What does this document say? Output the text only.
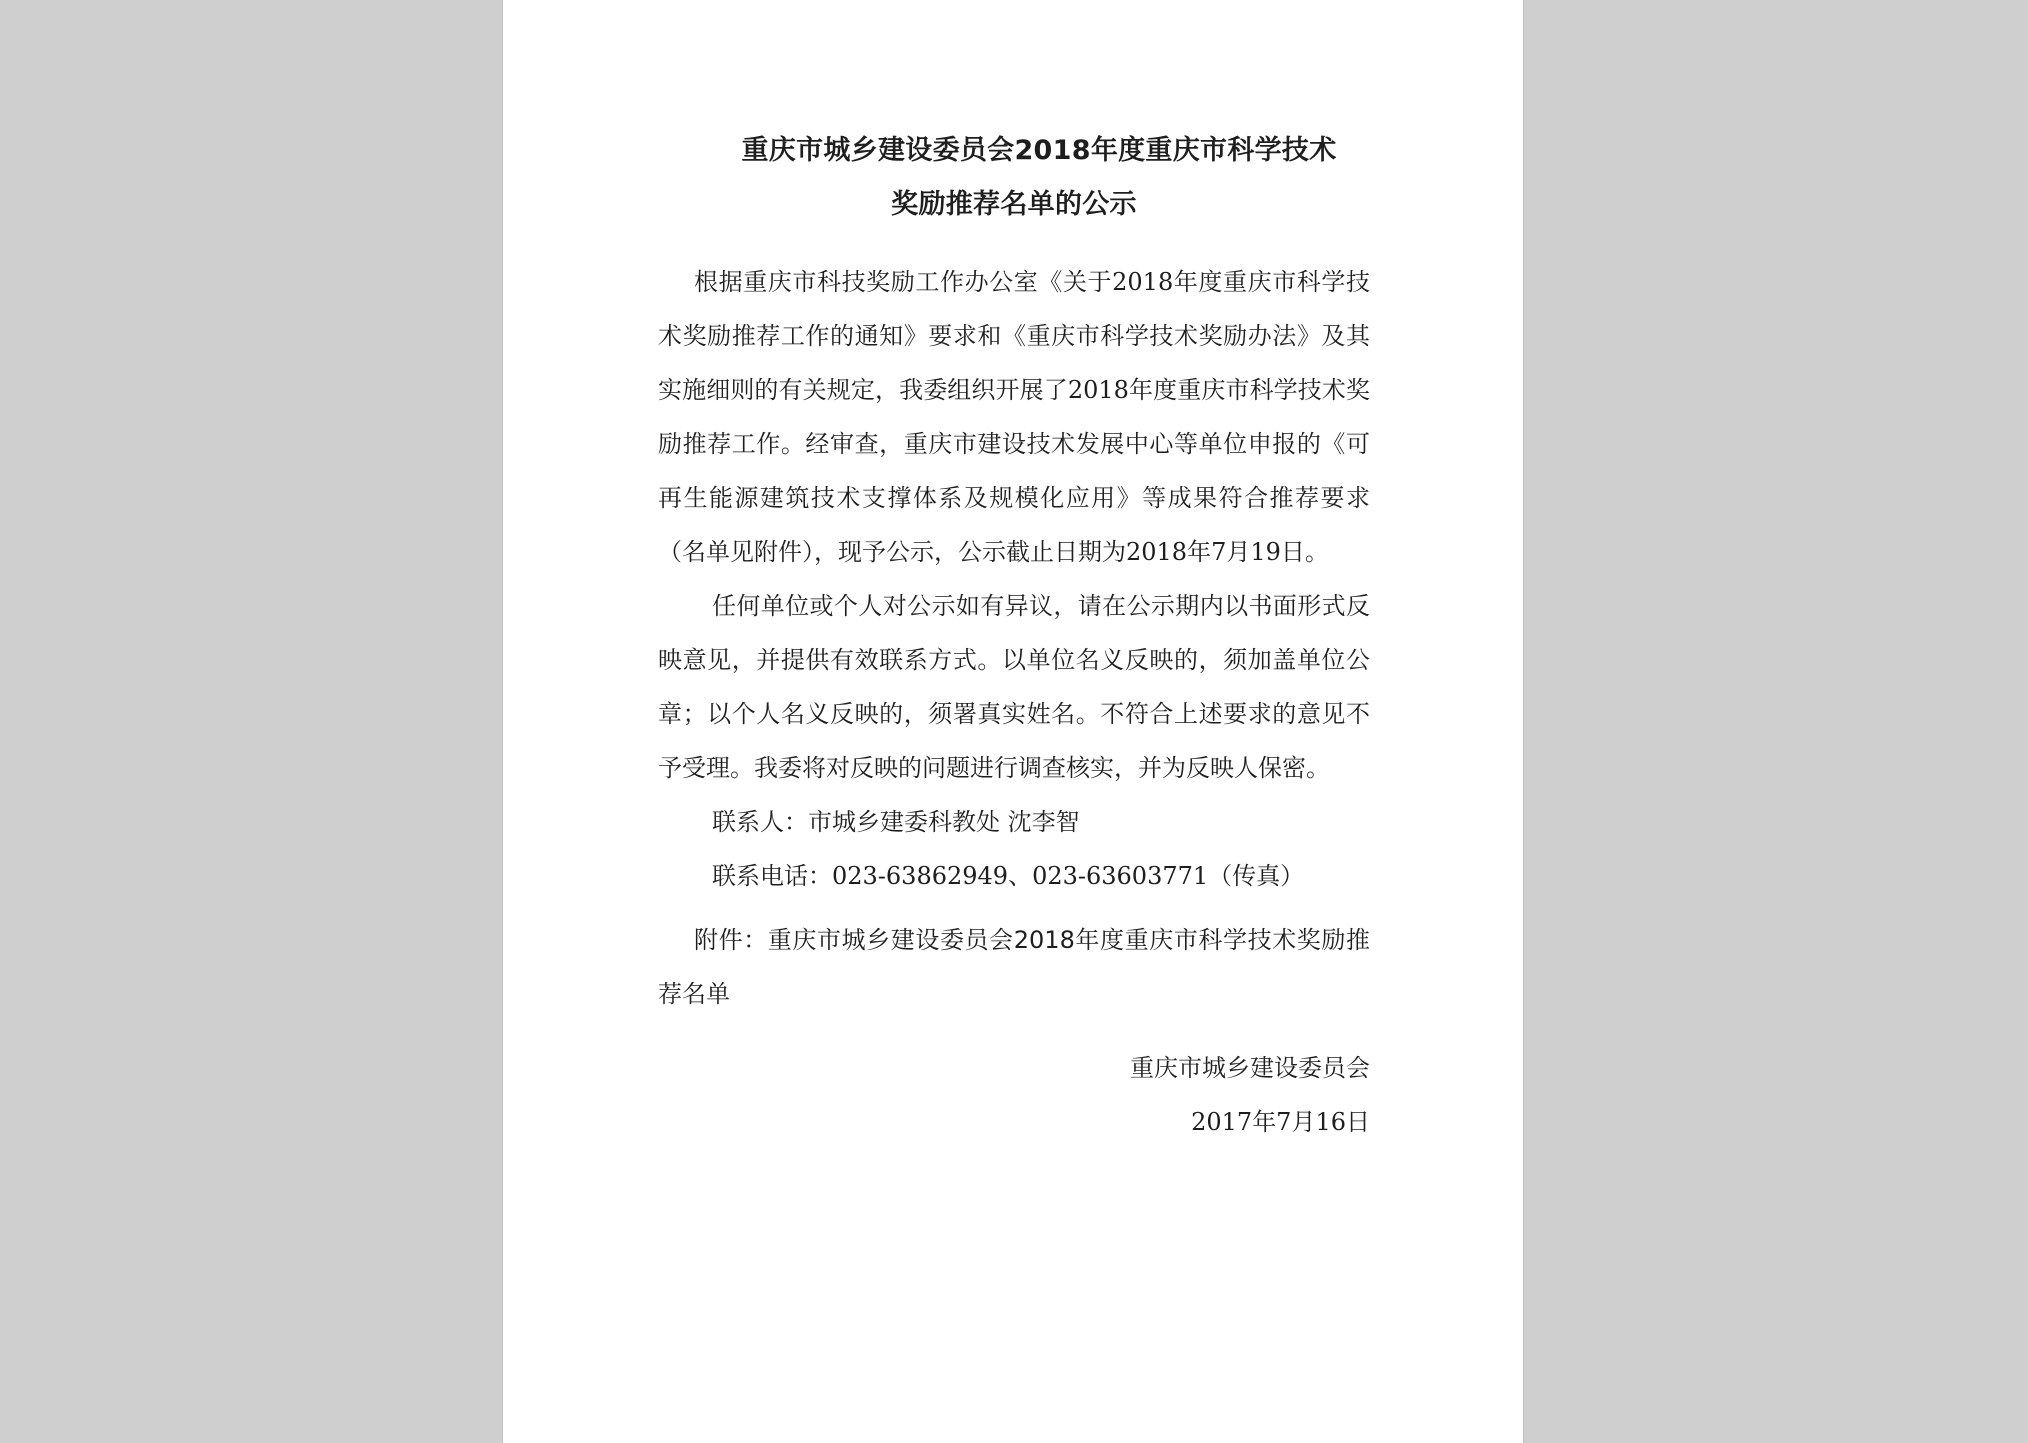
重庆市城乡建设委员会2018年度重庆市科学技术

奖励推荐名单的公示

根据重庆市科技奖励工作办公室《关于2018年度重庆市科学技术奖励推荐工作的通知》要求和《重庆市科学技术奖励办法》及其实施细则的有关规定，我委组织开展了2018年度重庆市科学技术奖励推荐工作。经审查，重庆市建设技术发展中心等单位申报的《可再生能源建筑技术支撑体系及规模化应用》等成果符合推荐要求（名单见附件），现予公示，公示截止日期为2018年7月19日。

任何单位或个人对公示如有异议，请在公示期内以书面形式反映意见，并提供有效联系方式。以单位名义反映的，须加盖单位公章；以个人名义反映的，须署真实姓名。不符合上述要求的意见不予受理。我委将对反映的问题进行调查核实，并为反映人保密。

联系人：市城乡建委科教处 沈李智

联系电话：023-63862949、023-63603771（传真）

附件：重庆市城乡建设委员会2018年度重庆市科学技术奖励推荐名单

重庆市城乡建设委员会

2017年7月16日
